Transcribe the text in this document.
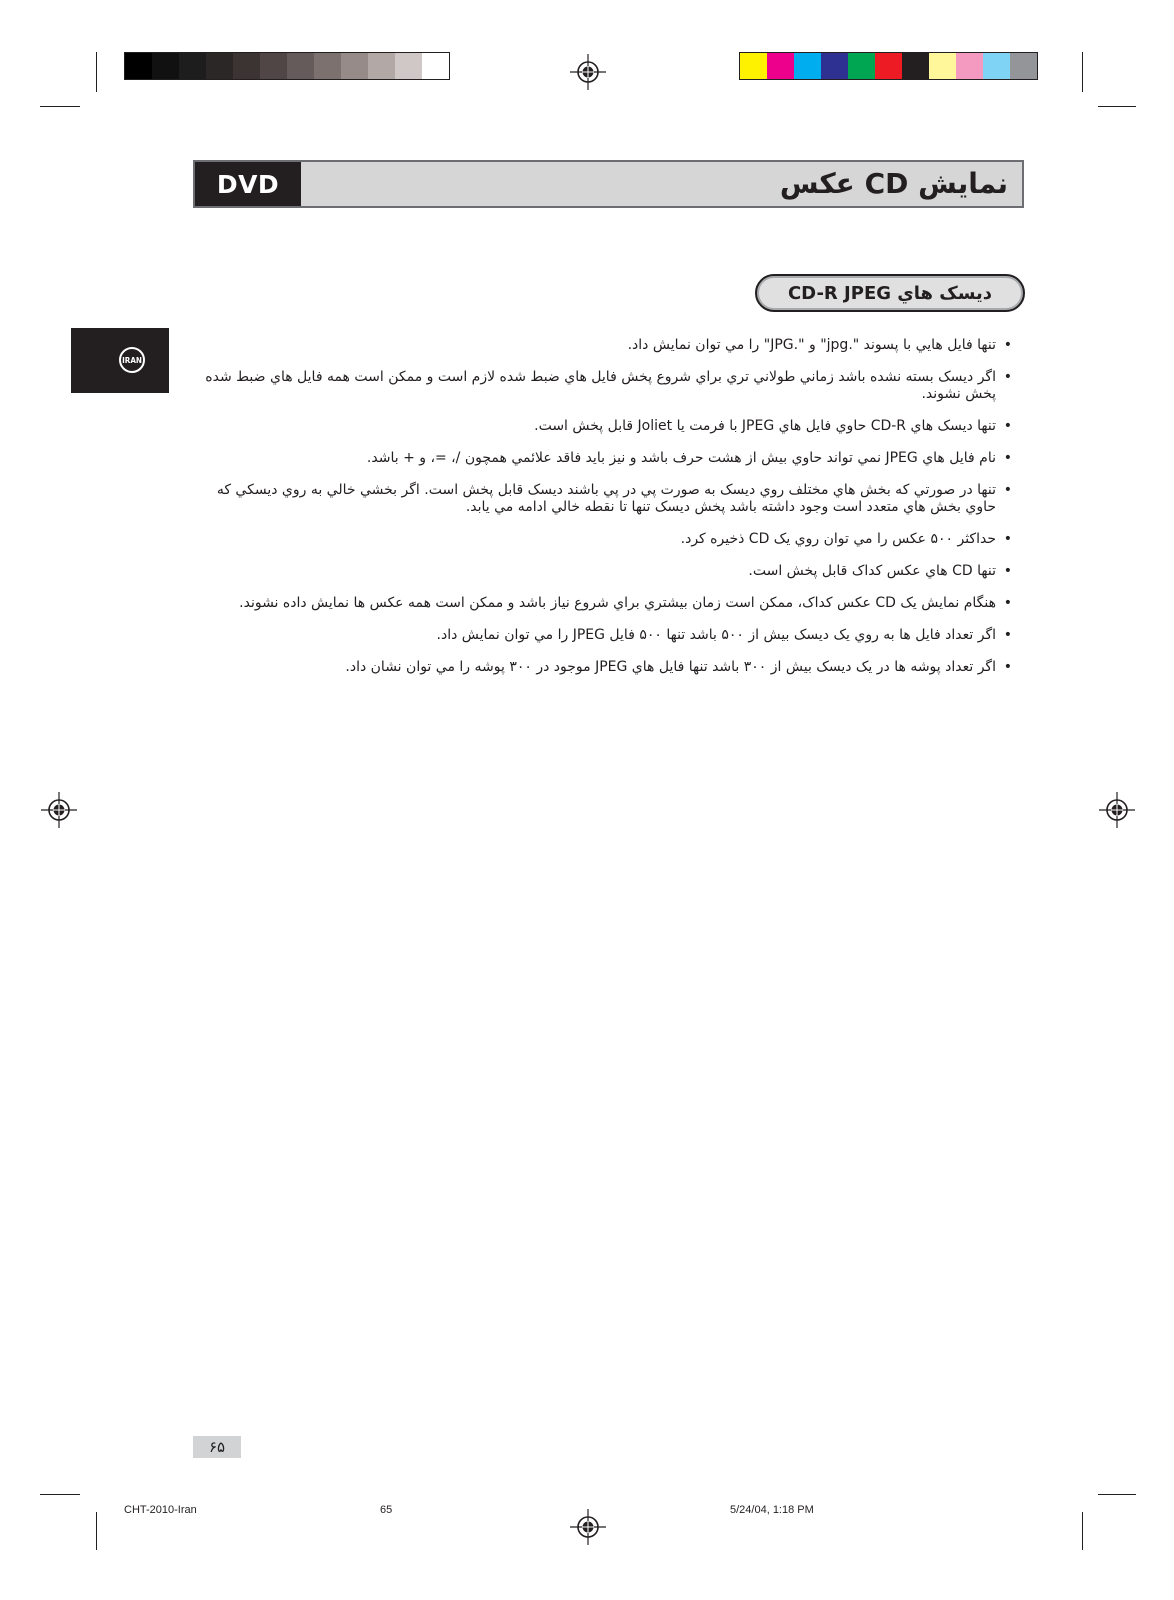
DVD	نمايش CD عکس
ديسک هاي CD-R JPEG
IRAN
• تنها فايل هايي با پسوند ".jpg" و ".JPG" را مي توان نمايش داد.
• اگر ديسک بسته نشده باشد زماني طولاني تري براي شروع پخش فايل هاي ضبط شده لازم است و ممکن است همه فايل هاي ضبط شده پخش نشوند.
• تنها ديسک هاي CD-R حاوي فايل هاي JPEG با فرمت يا Joliet قابل پخش است.
• نام فايل هاي JPEG نمي تواند حاوي بيش از هشت حرف باشد و نيز بايد فاقد علائمي همچون /، =، و + باشد.
• تنها در صورتي که بخش هاي مختلف روي ديسک به صورت پي در پي باشند ديسک قابل پخش است. اگر بخشي خالي به روي ديسکي که حاوي بخش هاي متعدد است وجود داشته باشد پخش ديسک تنها تا نقطه خالي ادامه مي يابد.
• حداکثر ۵۰۰ عکس را مي توان روي يک CD ذخيره کرد.
• تنها CD هاي عکس کداک قابل پخش است.
• هنگام نمايش يک CD عکس کداک، ممکن است زمان بيشتري براي شروع نياز باشد و ممکن است همه عکس ها نمايش داده نشوند.
• اگر تعداد فايل ها به روي يک ديسک بيش از ۵۰۰ باشد تنها ۵۰۰ فايل JPEG را مي توان نمايش داد.
• اگر تعداد پوشه ها در يک ديسک بيش از ۳۰۰ باشد تنها فايل هاي JPEG موجود در ۳۰۰ پوشه را مي توان نشان داد.
۶۵
CHT-2010-Iran	65	5/24/04, 1:18 PM
